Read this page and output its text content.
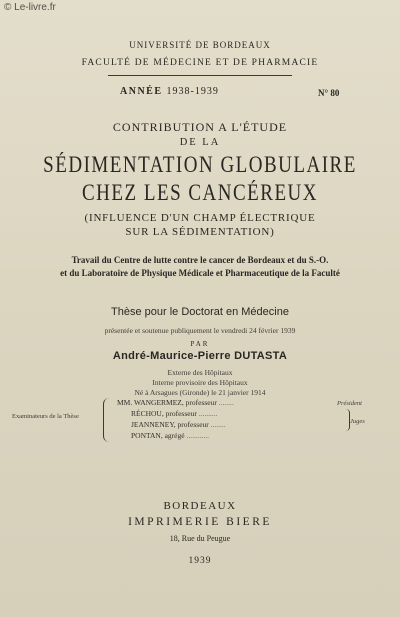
© Le-livre.fr
UNIVERSITÉ DE BORDEAUX
FACULTÉ DE MÉDECINE ET DE PHARMACIE
ANNÉE 1938-1939	N° 80
CONTRIBUTION A L'ÉTUDE
DE LA
SÉDIMENTATION GLOBULAIRE
CHEZ LES CANCÉREUX
(INFLUENCE D'UN CHAMP ÉLECTRIQUE
SUR LA SÉDIMENTATION)
Travail du Centre de lutte contre le cancer de Bordeaux et du S.-O.
et du Laboratoire de Physique Médicale et Pharmaceutique de la Faculté
Thèse pour le Doctorat en Médecine
présentée et soutenue publiquement le vendredi 24 février 1939
PAR
André-Maurice-Pierre DUTASTA
Externe des Hôpitaux
Interne provisoire des Hôpitaux
Né à Arsagues (Gironde) le 21 janvier 1914
Examinateurs de la Thèse
MM. WANGERMEZ, professeur ........
RÉCHOU, professeur ..........
JEANNENEY, professeur ........
PONTAN, agrégé ............
Président
Juges
BORDEAUX
IMPRIMERIE BIERE
18, Rue du Peugue
1939
